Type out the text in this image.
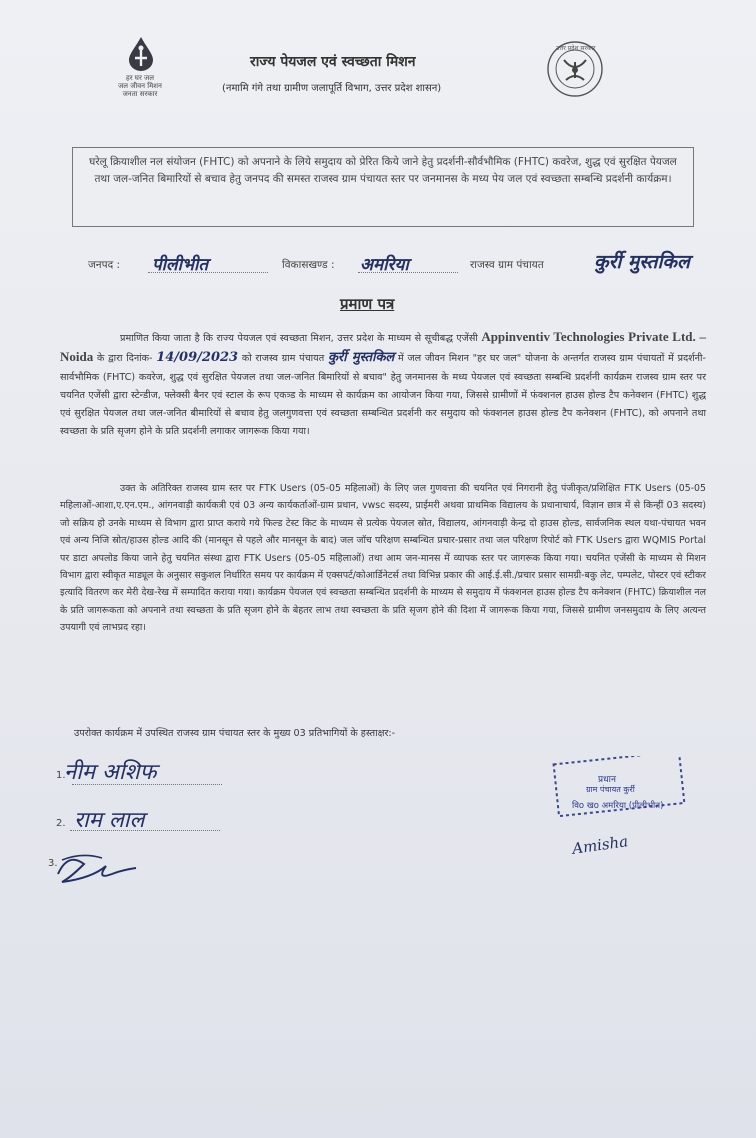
हर घर जल
जल जीवन मिशन
जनता सरकार
राज्य पेयजल एवं स्वच्छता मिशन
(नमामि गंगे तथा ग्रामीण जलापूर्ति विभाग, उत्तर प्रदेश शासन)
उत्तर प्रदेश सरकार

घरेलू क्रियाशील नल संयोजन (FHTC) को अपनाने के लिये समुदाय को प्रेरित किये जाने हेतु प्रदर्शनी-सौर्वभौमिक (FHTC) कवरेज, शुद्ध एवं सुरक्षित पेयजल तथा जल-जनित बिमारियों से बचाव हेतु जनपद की समस्त राजस्व ग्राम पंचायत स्तर पर जनमानस के मध्य पेय जल एवं स्वच्छता सम्बन्धि प्रदर्शनी कार्यक्रम।

जनपद : पीलीभीत	विकासखण्ड : अमरिया	राजस्व ग्राम पंचायत	कुर्री मुस्तकिल
प्रमाण पत्र
प्रमाणित किया जाता है कि राज्य पेयजल एवं स्वच्छता मिशन, उत्तर प्रदेश के माध्यम से सूचीबद्ध एजेंसी Appinventiv Technologies Private Ltd. – Noida के द्वारा दिनांक- 14/09/2023 को राजस्व ग्राम पंचायत कुर्री मुस्तकिल में जल जीवन मिशन "हर घर जल" योजना के अन्तर्गत राजस्व ग्राम पंचायतों में प्रदर्शनी-सार्वभौमिक (FHTC) कवरेज, शुद्ध एवं सुरक्षित पेयजल तथा जल-जनित बिमारियों से बचाव" हेतु जनमानस के मध्य पेयजल एवं स्वच्छता सम्बन्धि प्रदर्शनी कार्यक्रम राजस्व ग्राम स्तर पर चयनित एजेंसी द्वारा स्टेन्डीज, फ्लेक्सी बैनर एवं स्टाल के रूप एकत्र्ड के माध्यम से कार्यक्रम का आयोजन किया गया, जिससे ग्रामीणों में फंक्शनल हाउस होल्ड टैप कनेक्शन (FHTC) शुद्ध एवं सुरक्षित पेयजल तथा जल-जनित बीमारियों से बचाव हेतु जलगुणवत्ता एवं स्वच्छता सम्बन्धित प्रदर्शनी कर समुदाय को फंक्शनल हाउस होल्ड टैप कनेक्शन (FHTC), को अपनाने तथा स्वच्छता के प्रति सृजग होने के प्रति प्रदर्शनी लगाकर जागरूक किया गया।
उक्त के अतिरिक्त राजस्व ग्राम स्तर पर FTK Users (05-05 महिलाओं) के लिए जल गुणवत्ता की चयनित एवं निगरानी हेतु पंजीकृत/प्रशिक्षित FTK Users (05-05 महिलाओं-आशा,ए.एन.एम., आंगनवाड़ी कार्यकत्री एवं 03 अन्य कार्यकर्ताओं-ग्राम प्रधान, vwsc सदस्य, प्राईमरी अथवा प्राथमिक विद्यालय के प्रधानाचार्य, विज्ञान छात्र में से किन्हीं 03 सदस्य) जो सक्रिय हो उनके माध्यम से विभाग द्वारा प्राप्त कराये गये फिल्ड टेस्ट किट के माध्यम से प्रत्येक पेयजल स्रोत, विद्यालय, आंगनवाड़ी केन्द्र दो हाउस होल्ड, सार्वजनिक स्थल यथा-पंचायत भवन एवं अन्य निजि स्रोत/हाउस होल्ड आदि की (मानसून से पहले और मानसून के बाद) जल जॉच परिक्षण सम्बन्धित प्रचार-प्रसार तथा जल परिक्षण रिपोर्ट को FTK Users द्वारा WQMIS Portal पर डाटा अपलोड किया जाने हेतु चयनित संस्था द्वारा FTK Users (05-05 महिलाओं) तथा आम जन-मानस में व्यापक स्तर पर जागरूक किया गया। चयनित एजेंसी के माध्यम से मिशन विभाग द्वारा स्वीकृत माड्यूल के अनुसार सकुशल निर्धारित समय पर कार्यक्रम में एक्सपर्ट/कोआर्डिनेटर्स तथा विभिन्न प्रकार की आई.ई.सी./प्रचार प्रसार सामग्री-बकु लेट, पम्पलेट, पोस्टर एवं स्टीकर इत्यादि वितरण कर मेरी देख-रेख में सम्पादित कराया गया। कार्यक्रम पेयजल एवं स्वच्छता सम्बन्धित प्रदर्शनी के माध्यम से समुदाय में फंक्शनल हाउस होल्ड टैप कनेक्शन (FHTC) क्रियाशील नल के प्रति जागरूकता को अपनाने तथा स्वच्छता के प्रति सृजग होने के बेहतर लाभ तथा स्वच्छता के प्रति सृजग होने की दिशा में जागरूक किया गया, जिससे ग्रामीण जनसमुदाय के लिए अत्यन्त उपयागी एवं लाभप्रद रहा।
उपरोक्त कार्यक्रम में उपस्थित राजस्व ग्राम पंचायत स्तर के मुख्य 03 प्रतिभागियों के हस्ताक्षर:-
1.
नीम अशिफ
2. राम लाल
3.
प्रधान
ग्राम पंचायत कुर्री
विo खo अमरिया (पीलीभीत)
Amisha
